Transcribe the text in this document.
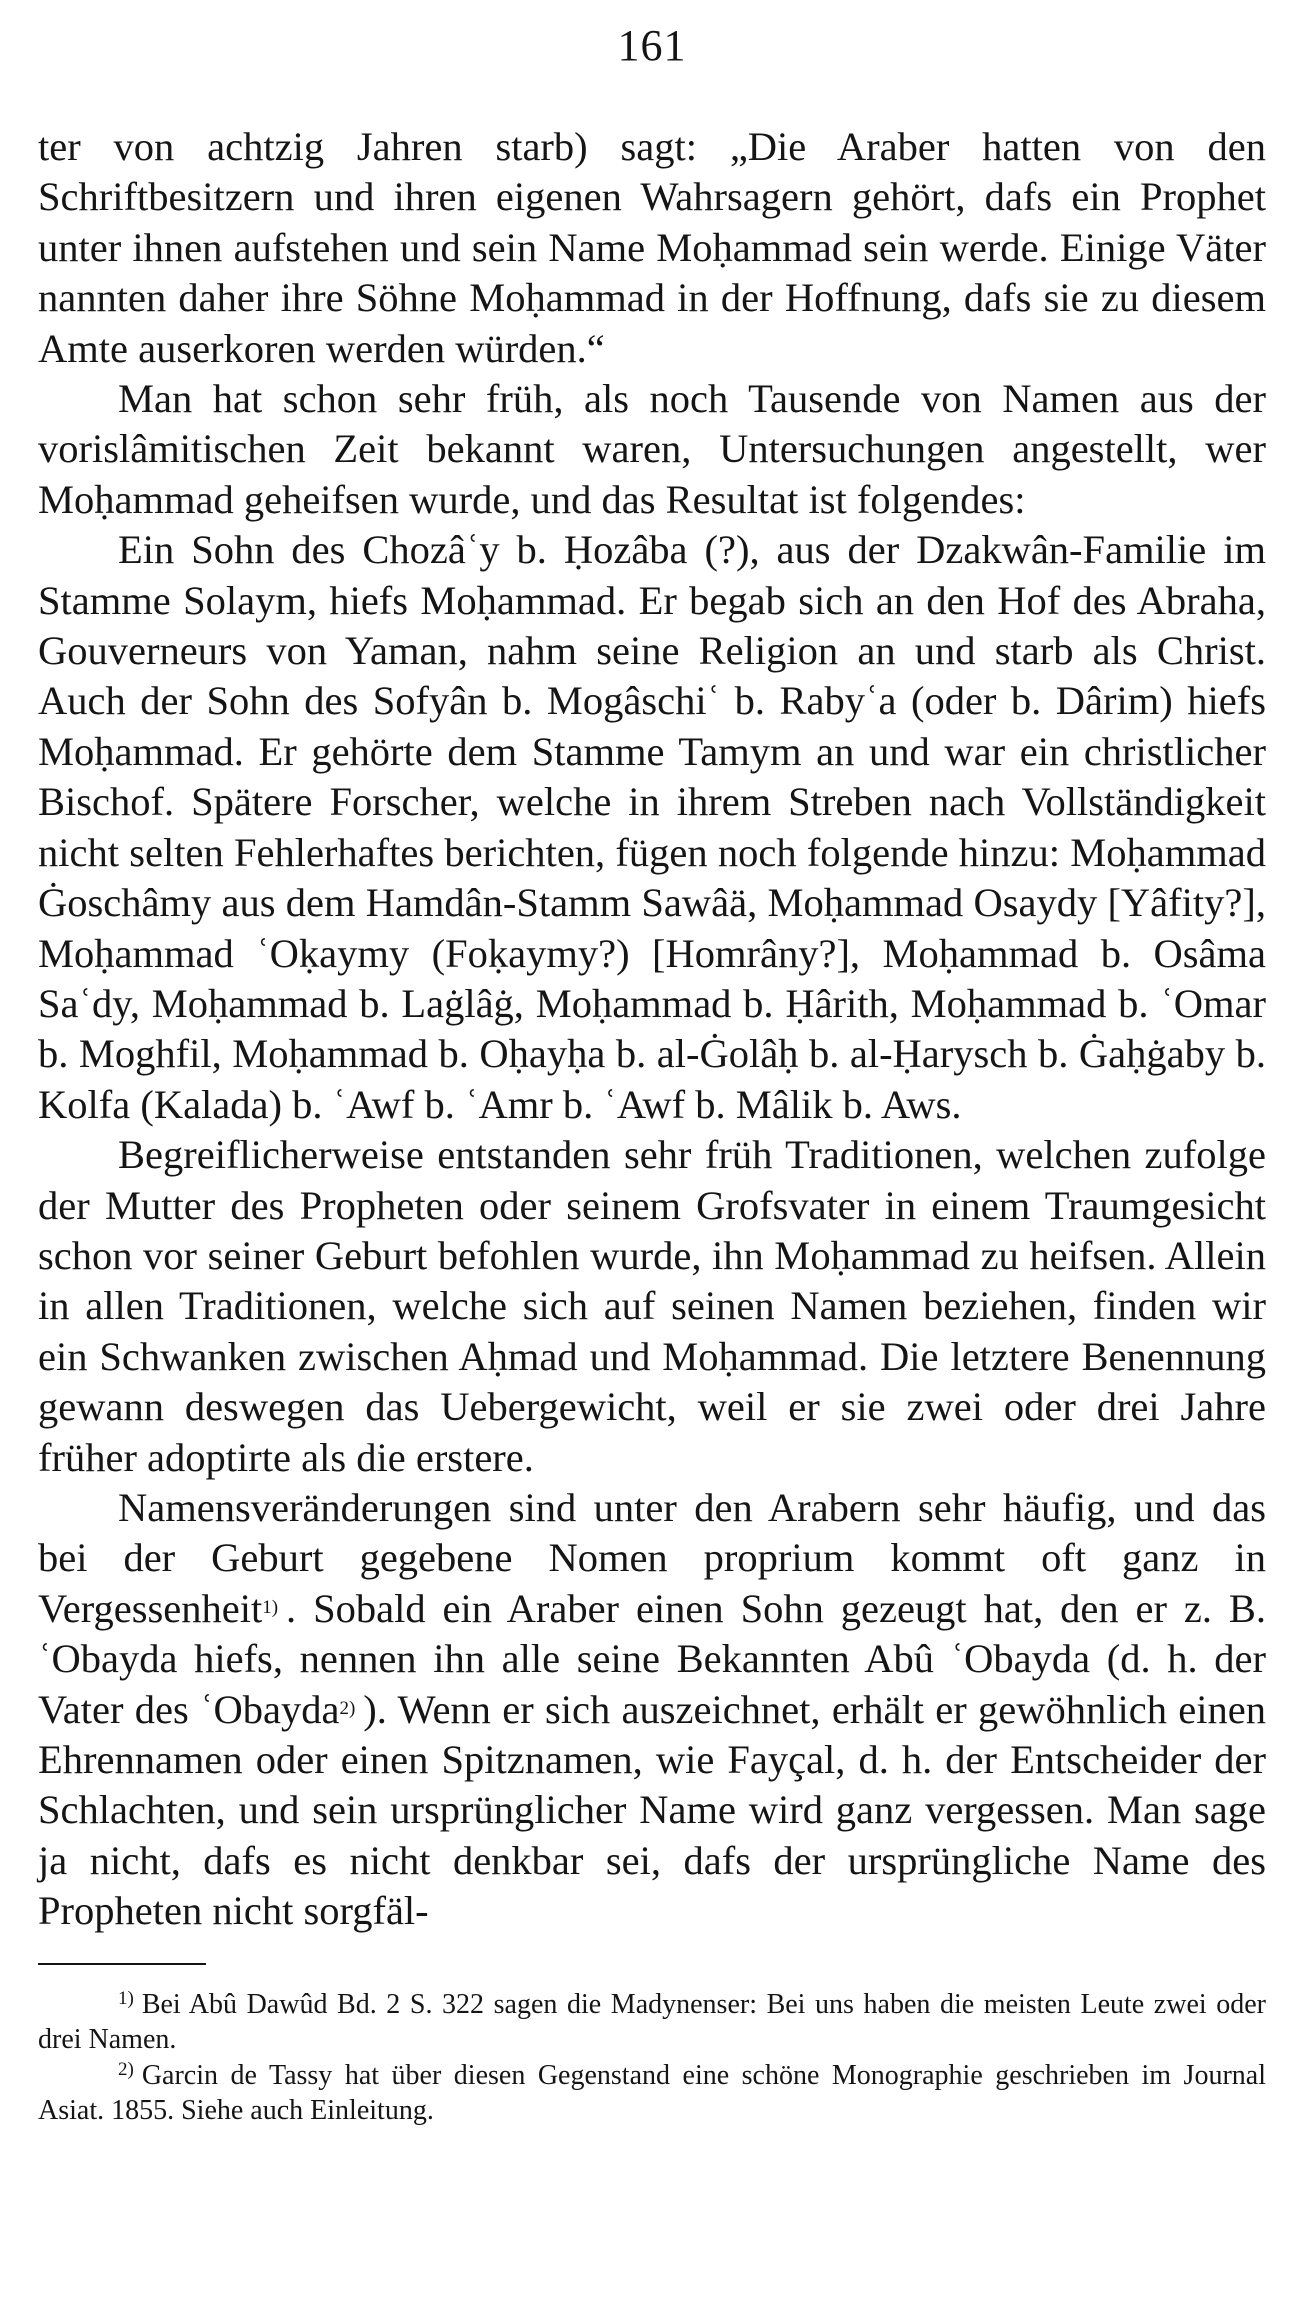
161

ter von achtzig Jahren starb) sagt: „Die Araber hatten von den Schriftbesitzern und ihren eigenen Wahrsagern gehört, dafs ein Prophet unter ihnen aufstehen und sein Name Moḥammad sein werde. Einige Väter nannten daher ihre Söhne Moḥammad in der Hoffnung, dafs sie zu diesem Amte auserkoren werden würden.“

Man hat schon sehr früh, als noch Tausende von Namen aus der vorislâmitischen Zeit bekannt waren, Untersuchungen angestellt, wer Moḥammad geheifsen wurde, und das Resultat ist folgendes:

Ein Sohn des Chozâʿy b. Ḥozâba (?), aus der Dzakwân-Familie im Stamme Solaym, hiefs Moḥammad. Er begab sich an den Hof des Abraha, Gouverneurs von Yaman, nahm seine Religion an und starb als Christ. Auch der Sohn des Sofyân b. Mogâschiʿ b. Rabyʿa (oder b. Dârim) hiefs Moḥammad. Er gehörte dem Stamme Tamym an und war ein christlicher Bischof. Spätere Forscher, welche in ihrem Streben nach Vollständigkeit nicht selten Fehlerhaftes berichten, fügen noch folgende hinzu: Moḥammad Ġoschâmy aus dem Hamdân-Stamm Sawâä, Moḥammad Osaydy [Yâfity?], Moḥammad ʿOḳaymy (Foḳaymy?) [Homrâny?], Moḥammad b. Osâma Saʿdy, Moḥammad b. Laġlâġ, Moḥammad b. Ḥârith, Moḥammad b. ʿOmar b. Moghfil, Moḥammad b. Oḥayḥa b. al-Ġolâḥ b. al-Ḥarysch b. Ġaḥġaby b. Kolfa (Kalada) b. ʿAwf b. ʿAmr b. ʿAwf b. Mâlik b. Aws.

Begreiflicherweise entstanden sehr früh Traditionen, welchen zufolge der Mutter des Propheten oder seinem Grofsvater in einem Traumgesicht schon vor seiner Geburt befohlen wurde, ihn Moḥammad zu heifsen. Allein in allen Traditionen, welche sich auf seinen Namen beziehen, finden wir ein Schwanken zwischen Aḥmad und Moḥammad. Die letztere Benennung gewann deswegen das Uebergewicht, weil er sie zwei oder drei Jahre früher adoptirte als die erstere.

Namensveränderungen sind unter den Arabern sehr häufig, und das bei der Geburt gegebene Nomen proprium kommt oft ganz in Vergessenheit$^{1)}$ . Sobald ein Araber einen Sohn gezeugt hat, den er z. B. ʿObayda hiefs, nennen ihn alle seine Bekannten Abû ʿObayda (d. h. der Vater des ʿObayda$^{2)}$ ). Wenn er sich auszeichnet, erhält er gewöhnlich einen Ehrennamen oder einen Spitznamen, wie Fayçal, d. h. der Entscheider der Schlachten, und sein ursprünglicher Name wird ganz vergessen. Man sage ja nicht, dafs es nicht denkbar sei, dafs der ursprüngliche Name des Propheten nicht sorgfäl-

$^{1)}$ Bei Abû Dawûd Bd. 2 S. 322 sagen die Madynenser: Bei uns haben die meisten Leute zwei oder drei Namen.

$^{2)}$ Garcin de Tassy hat über diesen Gegenstand eine schöne Monographie geschrieben im Journal Asiat. 1855. Siehe auch Einleitung.
